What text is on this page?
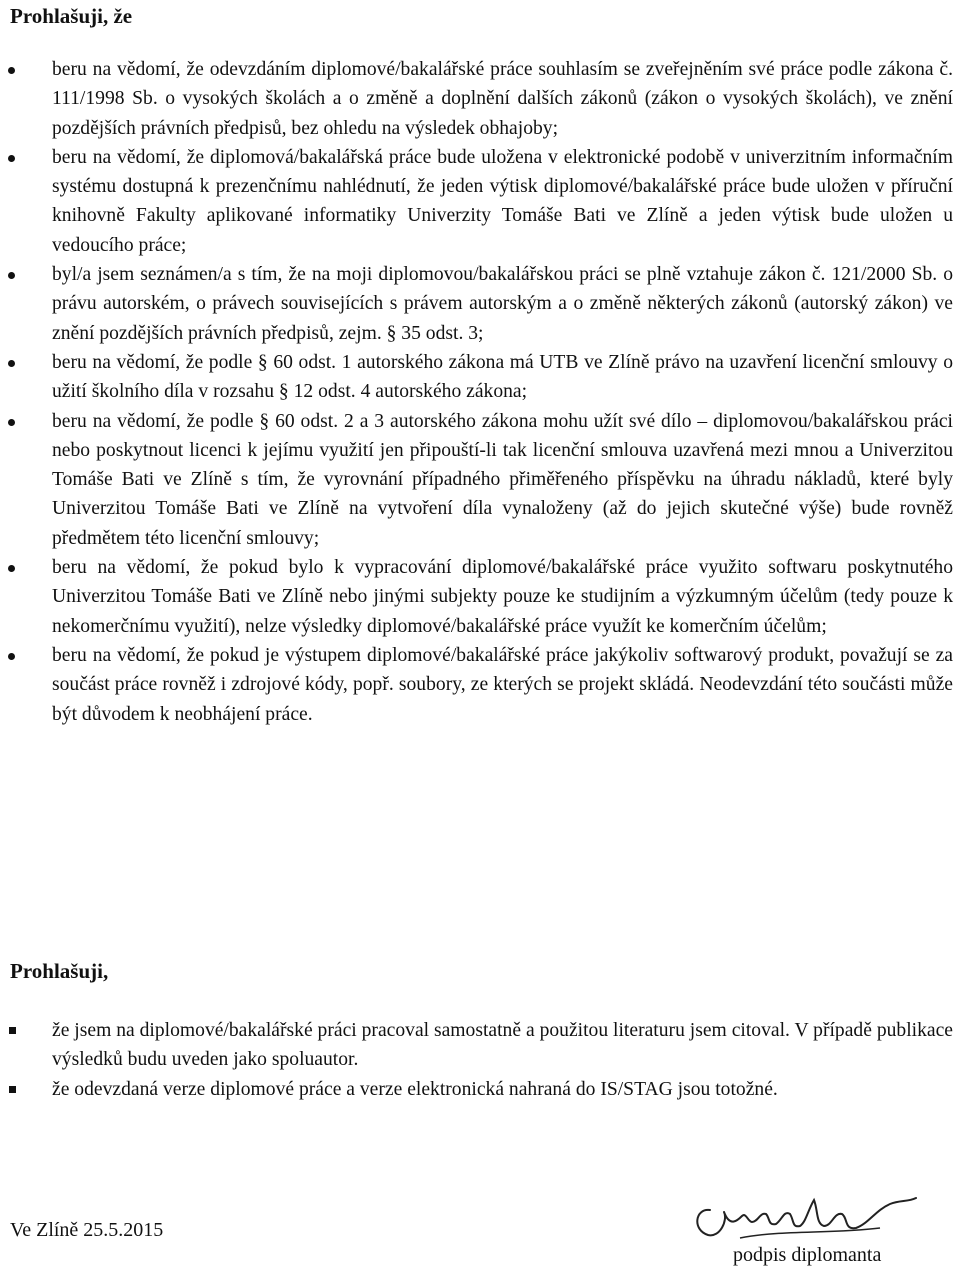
Prohlašuji, že
beru na vědomí, že odevzdáním diplomové/bakalářské práce souhlasím se zveřejněním své práce podle zákona č. 111/1998 Sb. o vysokých školách a o změně a doplnění dalších zákonů (zákon o vysokých školách), ve znění pozdějších právních předpisů, bez ohledu na výsledek obhajoby;
beru na vědomí, že diplomová/bakalářská práce bude uložena v elektronické podobě v univerzitním informačním systému dostupná k prezenčnímu nahlédnutí, že jeden výtisk diplomové/bakalářské práce bude uložen v příruční knihovně Fakulty aplikované informatiky Univerzity Tomáše Bati ve Zlíně a jeden výtisk bude uložen u vedoucího práce;
byl/a jsem seznámen/a s tím, že na moji diplomovou/bakalářskou práci se plně vztahuje zákon č. 121/2000 Sb. o právu autorském, o právech souvisejících s právem autorským a o změně některých zákonů (autorský zákon) ve znění pozdějších právních předpisů, zejm. § 35 odst. 3;
beru na vědomí, že podle § 60 odst. 1 autorského zákona má UTB ve Zlíně právo na uzavření licenční smlouvy o užití školního díla v rozsahu § 12 odst. 4 autorského zákona;
beru na vědomí, že podle § 60 odst. 2 a 3 autorského zákona mohu užít své dílo – diplomovou/bakalářskou práci nebo poskytnout licenci k jejímu využití jen připouští-li tak licenční smlouva uzavřená mezi mnou a Univerzitou Tomáše Bati ve Zlíně s tím, že vyrovnání případného přiměřeného příspěvku na úhradu nákladů, které byly Univerzitou Tomáše Bati ve Zlíně na vytvoření díla vynaloženy (až do jejich skutečné výše) bude rovněž předmětem této licenční smlouvy;
beru na vědomí, že pokud bylo k vypracování diplomové/bakalářské práce využito softwaru poskytnutého Univerzitou Tomáše Bati ve Zlíně nebo jinými subjekty pouze ke studijním a výzkumným účelům (tedy pouze k nekomerčnímu využití), nelze výsledky diplomové/bakalářské práce využít ke komerčním účelům;
beru na vědomí, že pokud je výstupem diplomové/bakalářské práce jakýkoliv softwarový produkt, považují se za součást práce rovněž i zdrojové kódy, popř. soubory, ze kterých se projekt skládá. Neodevzdání této součásti může být důvodem k neobhájení práce.
Prohlašuji,
že jsem na diplomové/bakalářské práci pracoval samostatně a použitou literaturu jsem citoval. V případě publikace výsledků budu uveden jako spoluautor.
že odevzdaná verze diplomové práce a verze elektronická nahraná do IS/STAG jsou totožné.
Ve Zlíně 25.5.2015
podpis diplomanta
